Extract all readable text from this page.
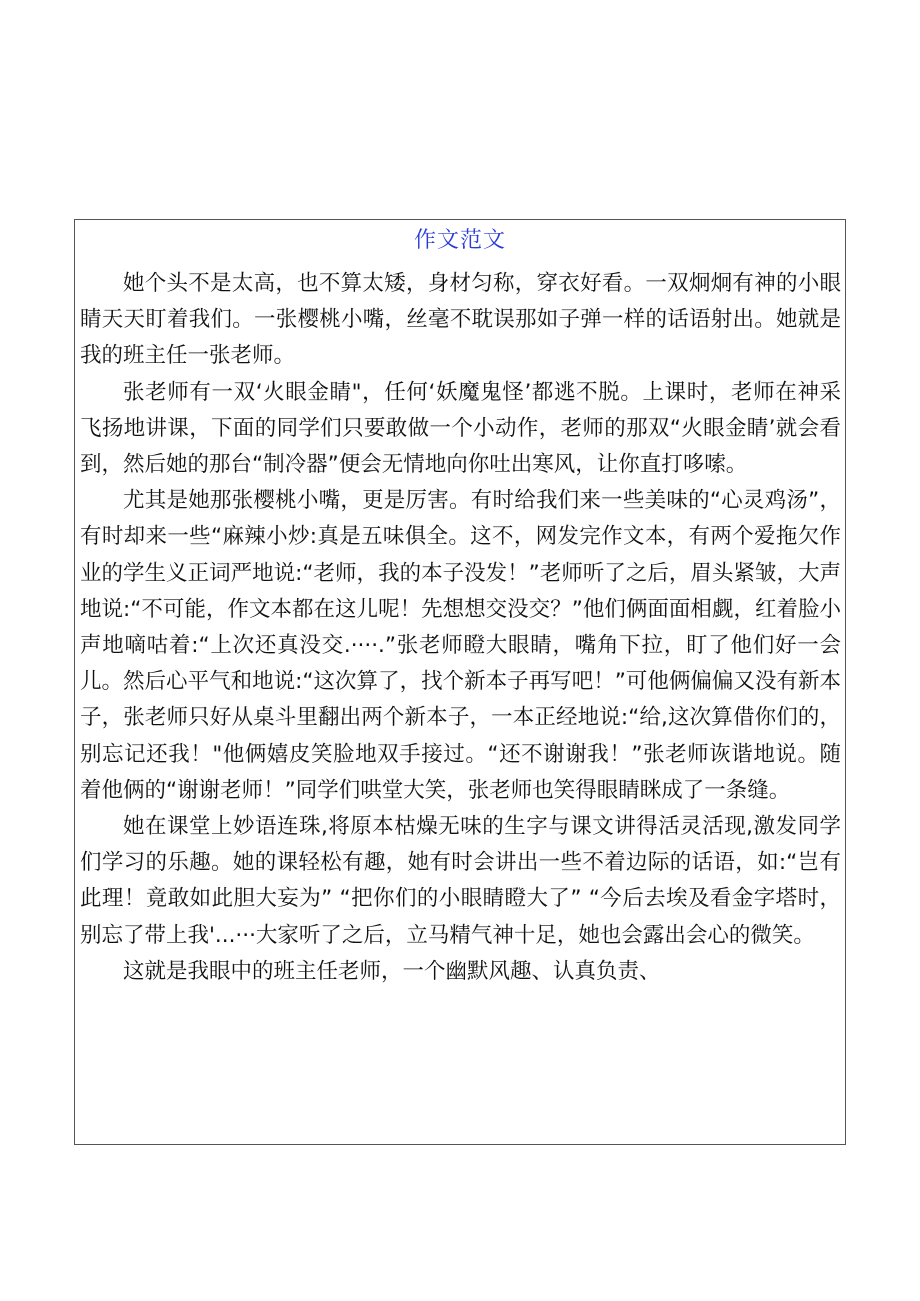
作文范文

她个头不是太高，也不算太矮，身材匀称，穿衣好看。一双炯炯有神的小眼睛天天盯着我们。一张樱桃小嘴，丝毫不耽误那如子弹一样的话语射出。她就是我的班主任一张老师。

张老师有一双‘火眼金睛"，任何‘妖魔鬼怪’都逃不脱。上课时，老师在神采飞扬地讲课，下面的同学们只要敢做一个小动作，老师的那双“火眼金睛’就会看到，然后她的那台“制冷器”便会无情地向你吐出寒风，让你直打哆嗦。

尤其是她那张樱桃小嘴，更是厉害。有时给我们来一些美味的“心灵鸡汤”，有时却来一些“麻辣小炒:真是五味俱全。这不，网发完作文本，有两个爱拖欠作业的学生义正词严地说:“老师，我的本子没发！”老师听了之后，眉头紧皱，大声地说:“不可能，作文本都在这儿呢！先想想交没交？”他们俩面面相觑，红着脸小声地嘀咕着:“上次还真没交.····.”张老师瞪大眼睛，嘴角下拉，盯了他们好一会儿。然后心平气和地说:“这次算了，找个新本子再写吧！”可他俩偏偏又没有新本子，张老师只好从桌斗里翻出两个新本子，一本正经地说:“给,这次算借你们的，别忘记还我！"他俩嬉皮笑脸地双手接过。“还不谢谢我！”张老师诙谐地说。随着他俩的“谢谢老师！”同学们哄堂大笑，张老师也笑得眼睛眯成了一条缝。

她在课堂上妙语连珠,将原本枯燥无味的生字与课文讲得活灵活现,激发同学们学习的乐趣。她的课轻松有趣，她有时会讲出一些不着边际的话语，如:“岂有此理！竟敢如此胆大妄为” “把你们的小眼睛瞪大了” “今后去埃及看金字塔时，别忘了带上我'...···大家听了之后，立马精气神十足，她也会露出会心的微笑。

这就是我眼中的班主任老师，一个幽默风趣、认真负责、
